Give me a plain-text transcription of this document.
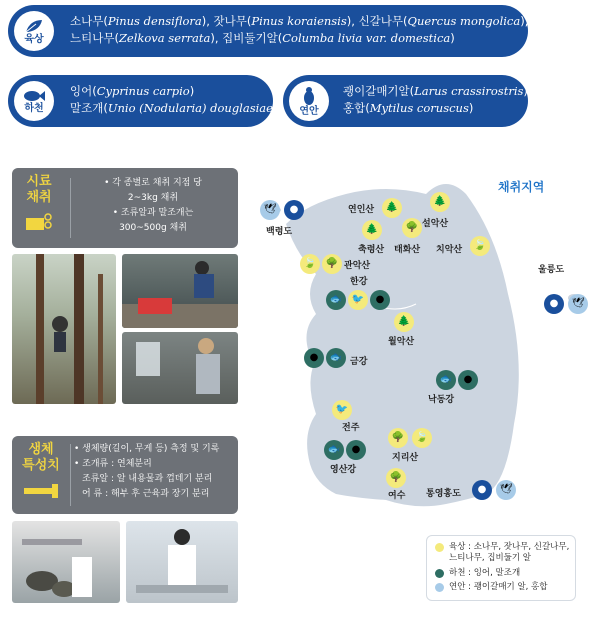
육상
소나무(Pinus densiflora), 잣나무(Pinus koraiensis), 신갈나무(Quercus mongolica),
느티나무(Zelkova serrata), 집비둘기알(Columba livia var. domestica)
하천
잉어(Cyprinus carpio)
말조개(Unio (Nodularia) douglasiae) 연안
괭이갈매기알(Larus crassirostris)
홍합(Mytilus coruscus)
시료
채취
• 각 종별로 채취 지점 당
2~3kg 채취
• 조류알과 말조개는
300~500g 채취
생체
특성치
• 생체량(길이, 무게 등) 측정 및 기록
• 조개류 : 연체분리
조류알 : 알 내용물과 껍데기 분리
어 류 : 해부 후 근육과 장기 분리
채취지역
🕊 ●
백령도
연인산 🌲
🌲
축령산
🌳
태화산
🌲
설악산
치악산 🍃
🍃 🌳 관악산
한강
🐟 🐦 ●
🌲
월악산
울릉도
● 🕊
● 🐟 금강
🐟 ●
낙동강
🐦
전주
🌳 🍃
지리산
🐟 ●
영산강
🌳
여수 통영홍도 ● 🕊
육상 : 소나무, 잣나무, 신갈나무,
느티나무, 집비둘기 알
하천 : 잉어, 말조개
연안 : 괭이갈매기 알, 홍합
